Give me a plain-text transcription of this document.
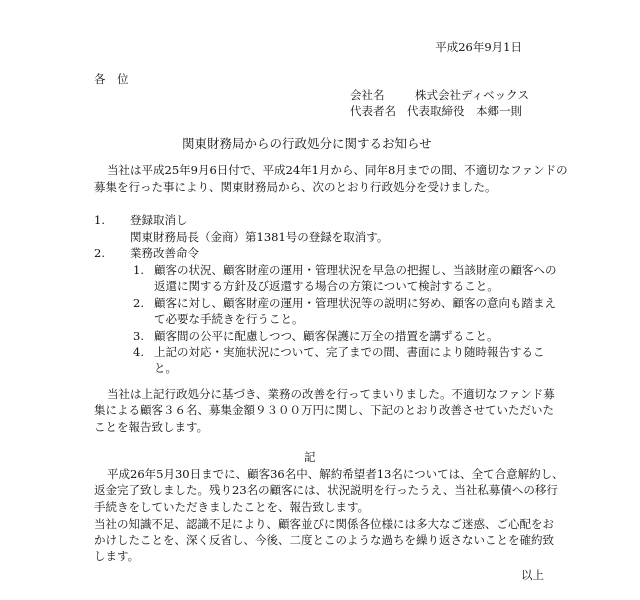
平成26年9月1日
各　位
会社名	株式会社ディベックス
代表者名 代表取締役　本郷一則
関東財務局からの行政処分に関するお知らせ
当社は平成25年9月6日付で、平成24年1月から、同年8月までの間、不適切なファンドの
募集を行った事により、関東財務局から、次のとおり行政処分を受けました。
1. 登録取消し
関東財務局長（金商）第1381号の登録を取消す。
2. 業務改善命令
1. 顧客の状況、顧客財産の運用・管理状況を早急の把握し、当該財産の顧客への
返還に関する方針及び返還する場合の方策について検討すること。
2. 顧客に対し、顧客財産の運用・管理状況等の説明に努め、顧客の意向も踏まえ
て必要な手続きを行うこと。
3. 顧客間の公平に配慮しつつ、顧客保護に万全の措置を講ずること。
4. 上記の対応・実施状況について、完了までの間、書面により随時報告するこ
と。
当社は上記行政処分に基づき、業務の改善を行ってまいりました。不適切なファンド募
集による顧客３６名、募集金額９３００万円に関し、下記のとおり改善させていただいた
ことを報告致します。
記
平成26年5月30日までに、顧客36名中、解約希望者13名については、全て合意解約し、
返金完了致しました。残り23名の顧客には、状況説明を行ったうえ、当社私募債への移行
手続きをしていただきましたことを、報告致します。
当社の知識不足、認識不足により、顧客並びに関係各位様には多大なご迷惑、ご心配をお
かけしたことを、深く反省し、今後、二度とこのような過ちを繰り返さないことを確約致
します。
以上
